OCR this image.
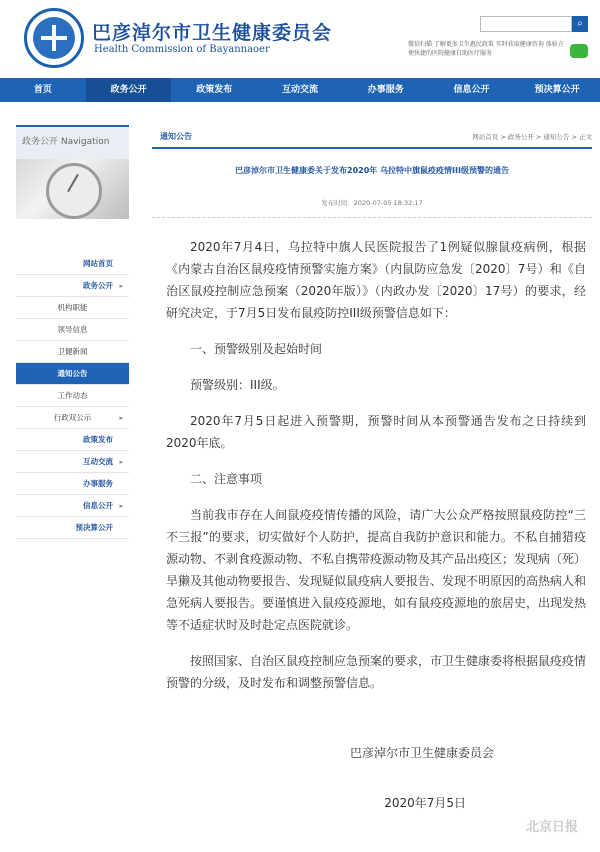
巴彦淖尔市卫生健康委员会
Health Commission of Bayannaoer
⌕
微信扫描 了解更多卫生惠民政策 实时获取健康咨询 体验方便快捷的医院健康自助医疗服务
首页	政务公开	政策发布	互动交流	办事服务	信息公开	预决算公开
政务公开 Navigation
网站首页
政务公开 ▸
机构职能
领导信息
卫健新闻
通知公告
工作动态
行政双公示	▸
政策发布
互动交流 ▸
办事服务
信息公开 ▸
预决算公开
通知公告	网站首页 > 政务公开 > 通知公告 > 正文
巴彦淖尔市卫生健康委关于发布2020年 乌拉特中旗鼠疫疫情III级预警的通告
发布时间：2020-07-05 18:32:17

2020年7月4日，乌拉特中旗人民医院报告了1例疑似腺鼠疫病例，根据《内蒙古自治区鼠疫疫情预警实施方案》（内鼠防应急发〔2020〕7号）和《自治区鼠疫控制应急预案（2020年版）》（内政办发〔2020〕17号）的要求，经研究决定，于7月5日发布鼠疫防控III级预警信息如下：

一、预警级别及起始时间

预警级别：III级。

2020年7月5日起进入预警期，预警时间从本预警通告发布之日持续到2020年底。

二、注意事项

当前我市存在人间鼠疫疫情传播的风险，请广大公众严格按照鼠疫防控“三不三报”的要求，切实做好个人防护，提高自我防护意识和能力。不私自捕猎疫源动物、不剥食疫源动物、不私自携带疫源动物及其产品出疫区；发现病（死）旱獭及其他动物要报告、发现疑似鼠疫病人要报告、发现不明原因的高热病人和急死病人要报告。要谨慎进入鼠疫疫源地，如有鼠疫疫源地的旅居史，出现发热等不适症状时及时赴定点医院就诊。

按照国家、自治区鼠疫控制应急预案的要求，市卫生健康委将根据鼠疫疫情预警的分级，及时发布和调整预警信息。

巴彦淖尔市卫生健康委员会

2020年7月5日

北京日报
